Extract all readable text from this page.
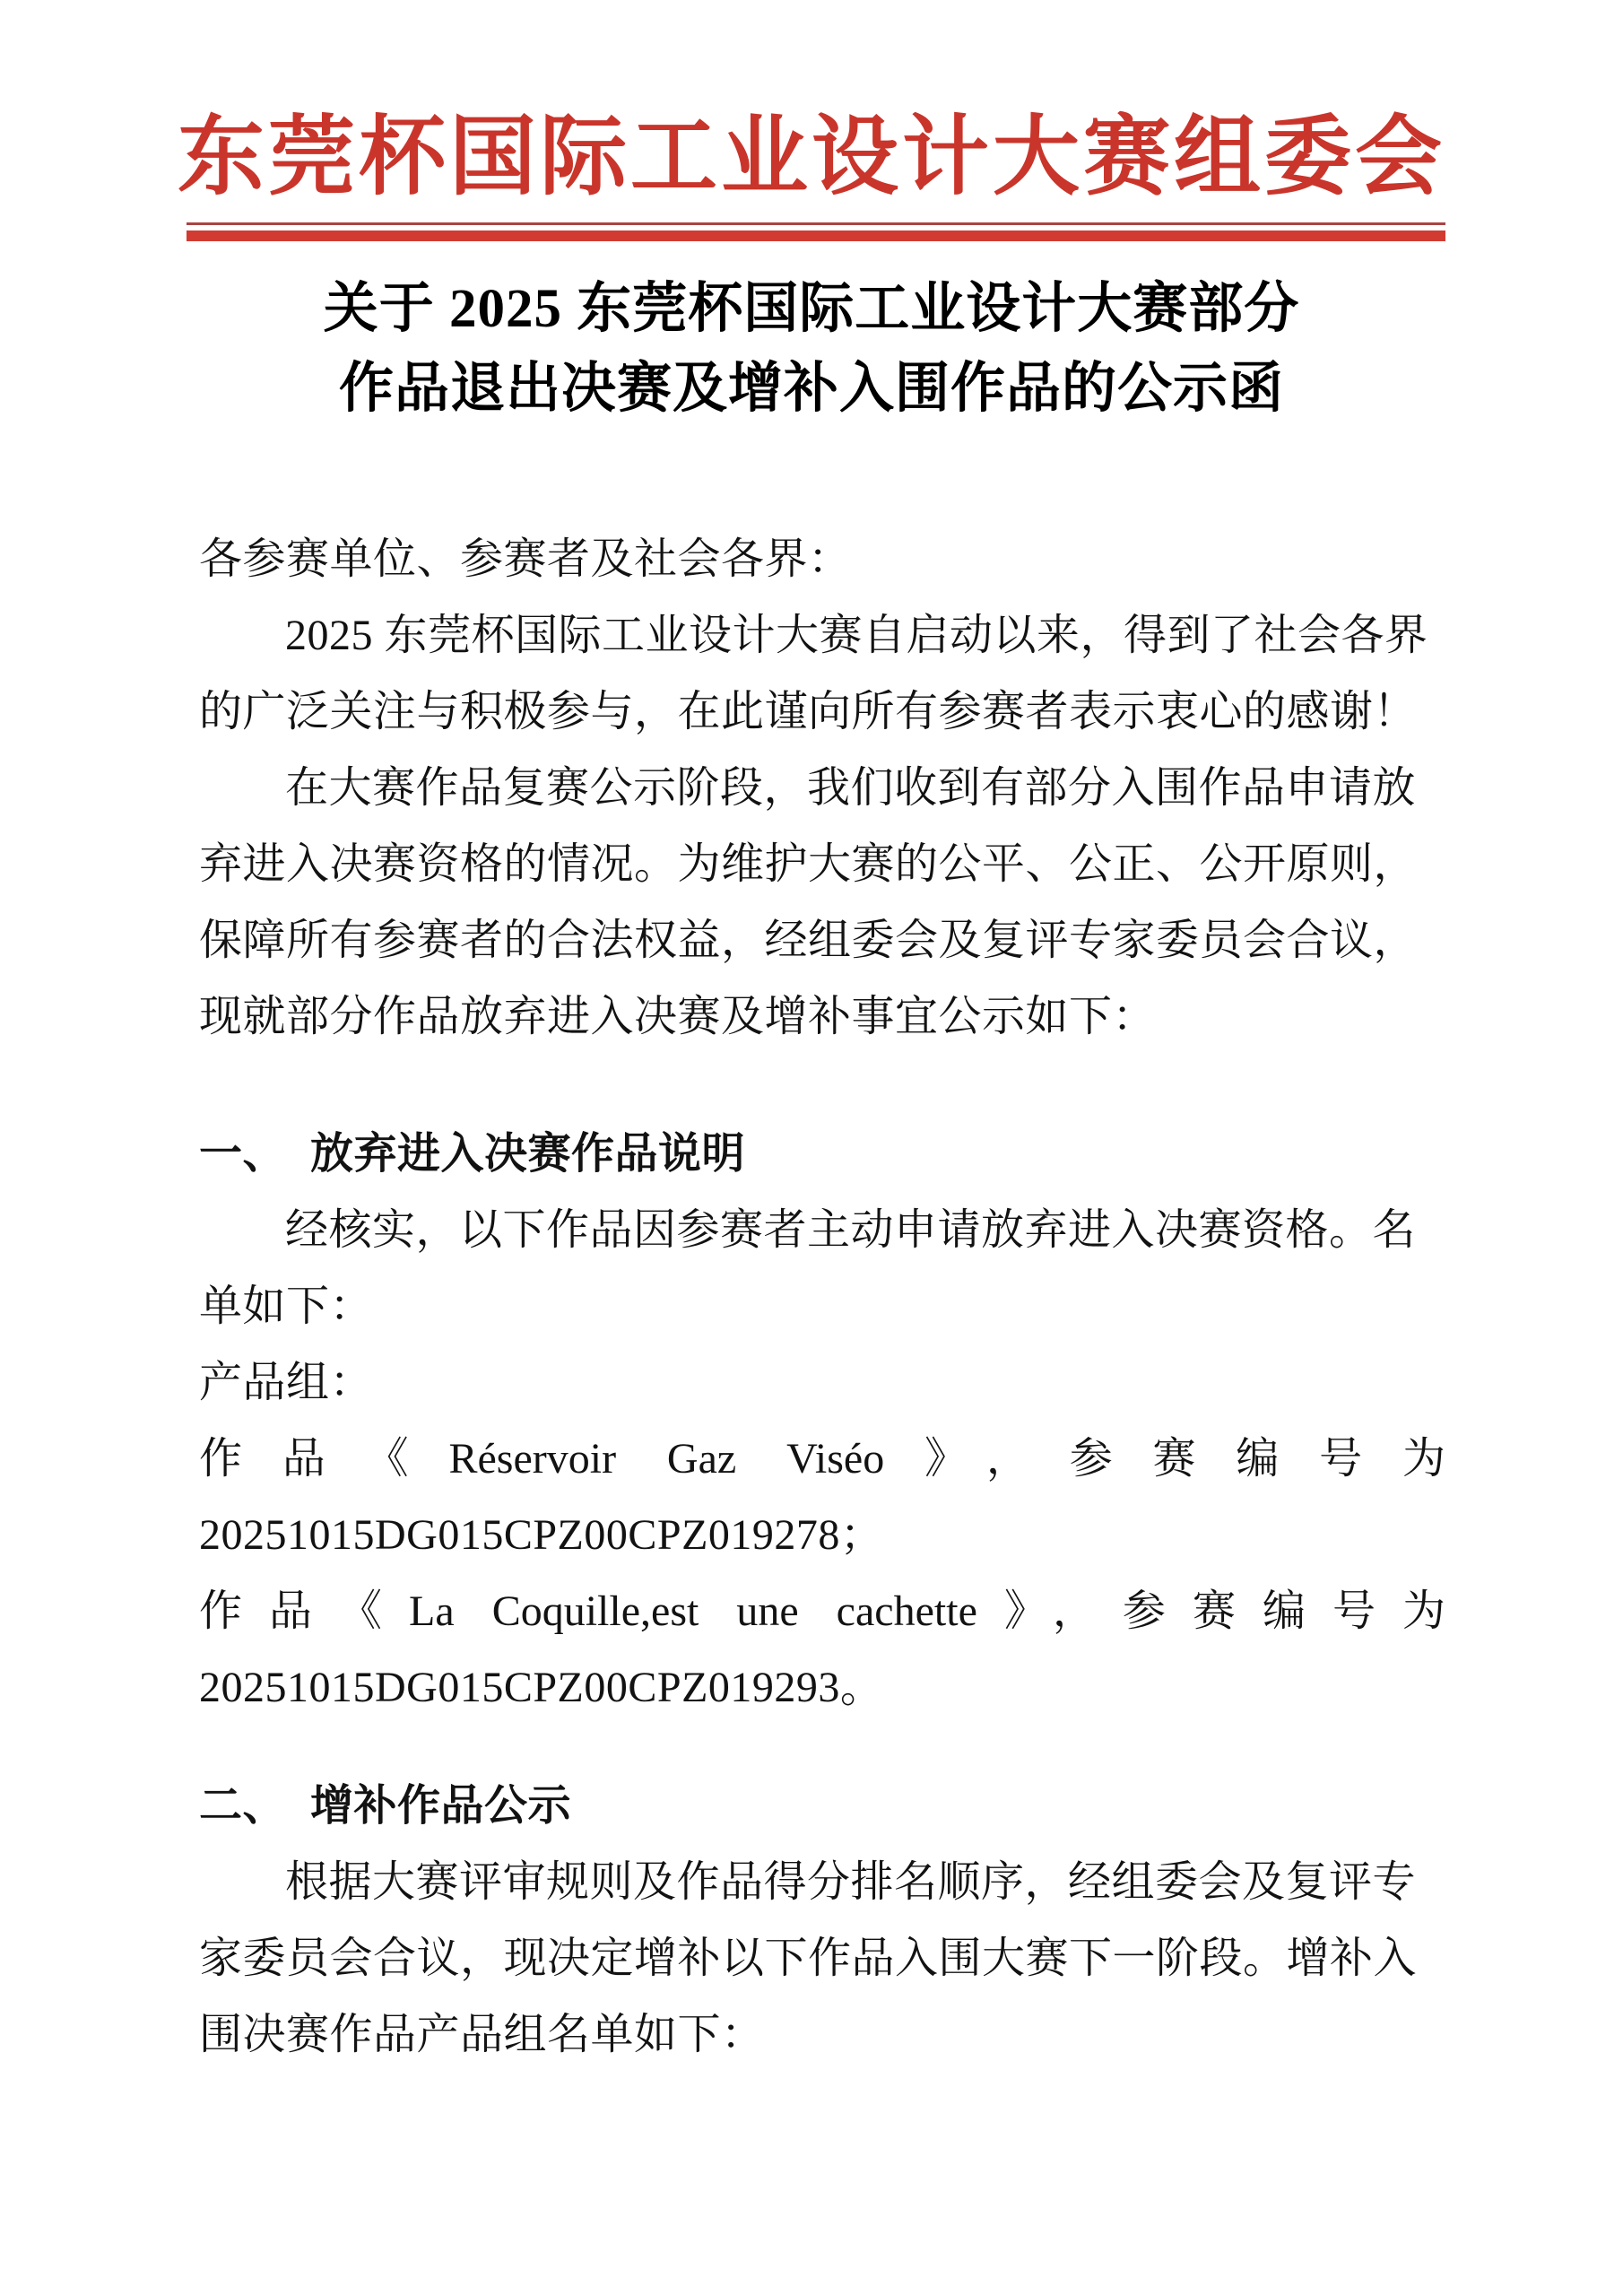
东莞杯国际工业设计大赛组委会
关于 2025 东莞杯国际工业设计大赛部分
作品退出决赛及增补入围作品的公示函

各参赛单位、参赛者及社会各界：

2025 东莞杯国际工业设计大赛自启动以来，得到了社会各界

的广泛关注与积极参与，在此谨向所有参赛者表示衷心的感谢！

在大赛作品复赛公示阶段，我们收到有部分入围作品申请放

弃进入决赛资格的情况。为维护大赛的公平、公正、公开原则，

保障所有参赛者的合法权益，经组委会及复评专家委员会合议，

现就部分作品放弃进入决赛及增补事宜公示如下：

一、 放弃进入决赛作品说明

经核实，以下作品因参赛者主动申请放弃进入决赛资格。名

单如下：

产品组：

作品《Réservoir Gaz Viséo》，参赛编号为

20251015DG015CPZ00CPZ019278；

作品《La Coquille,est une cachette》，参赛编号为

20251015DG015CPZ00CPZ019293。

二、 增补作品公示

根据大赛评审规则及作品得分排名顺序，经组委会及复评专

家委员会合议，现决定增补以下作品入围大赛下一阶段。增补入

围决赛作品产品组名单如下：
